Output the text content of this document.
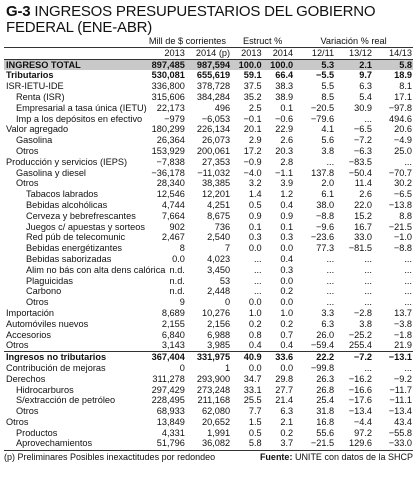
G-3 INGRESOS PRESUPUESTARIOS DEL GOBIERNO
FEDERAL (ENE-ABR)
	Mill de $ corrientes		Estruct %		Variación % real		
	2013	2014 (p)	2013	2014	12/11	13/12	14/13
INGRESO TOTAL	897,485	987,594	100.0	100.0	5.3	2.1	5.8
Tributarios	530,081	655,619	59.1	66.4	−5.5	9.7	18.9
ISR-IETU-IDE	336,800	378,728	37.5	38.3	5.5	6.3	8.1
Renta (ISR)	315,606	384,284	35.2	38.9	8.5	5.4	17.1
Empresarial a tasa única (IETU)	22,173	496	2.5	0.1	−20.5	30.9	−97.8
Imp a los depósitos en efectivo	−979	−6,053	−0.1	−0.6	−79.6	...	494.6
Valor agregado	180,299	226,134	20.1	22.9	4.1	−6.5	20.6
Gasolina	26,364	26,073	2.9	2.6	5.6	−7.2	−4.9
Otros	153,929	200,061	17.2	20.3	3.8	−6.3	25.0
Producción y servicios (IEPS)	−7,838	27,353	−0.9	2.8	...	−83.5	...
Gasolina y diesel	−36,178	−11,032	−4.0	−1.1	137.8	−50.4	−70.7
Otros	28,340	38,385	3.2	3.9	2.0	11.4	30.2
Tabacos labrados	12,546	12,201	1.4	1.2	6.1	2.6	−6.5
Bebidas alcohólicas	4,744	4,251	0.5	0.4	38.0	22.0	−13.8
Cerveza y bebrefrescantes	7,664	8,675	0.9	0.9	−8.8	15.2	8.8
Juegos c/ apuestas y sorteos	902	736	0.1	0.1	−9.6	16.7	−21.5
Red púb de telecomunic	2,467	2,540	0.3	0.3	−23.6	33.0	−1.0
Bebidas energétizantes	8	7	0.0	0.0	77.3	−81.5	−8.8
Bebidas saborizadas	0.0	4,023	...	0.4	...	...	...
Alim no bás con alta dens calórica	n.d.	3,450	...	0.3	...	...	...
Plaguicidas	n.d.	53	...	0.0	...	...	...
Carbono	n.d.	2,448	...	0.2	...	...	...
Otros	9	0	0.0	0.0	...	...	...
Importación	8,689	10,276	1.0	1.0	3.3	−2.8	13.7
Automóviles nuevos	2,155	2,156	0.2	0.2	6.3	3.8	−3.8
Accesorios	6,840	6,988	0.8	0.7	26.0	−25.2	−1.8
Otros	3,143	3,985	0.4	0.4	−59.4	255.4	21.9
Ingresos no tributarios	367,404	331,975	40.9	33.6	22.2	−7.2	−13.1
Contribución de mejoras	0	1	0.0	0.0	−99.8	...	...
Derechos	311,278	293,900	34.7	29.8	26.3	−16.2	−9.2
Hidrocarburos	297,429	273,248	33.1	27.7	26.8	−16.6	−11.7
S/extracción de petróleo	228,495	211,168	25.5	21.4	25.4	−17.6	−11.1
Otros	68,933	62,080	7.7	6.3	31.8	−13.4	−13.4
Otros	13,849	20,652	1.5	2.1	16.8	−4.4	43.4
Productos	4,331	1,991	0.5	0.2	55.6	97.2	−55.8
Aprovechamientos	51,796	36,082	5.8	3.7	−21.5	129.6	−33.0
(p) Preliminares Posibles inexactitudes por redondeo	Fuente: UNITE con datos de la SHCP
